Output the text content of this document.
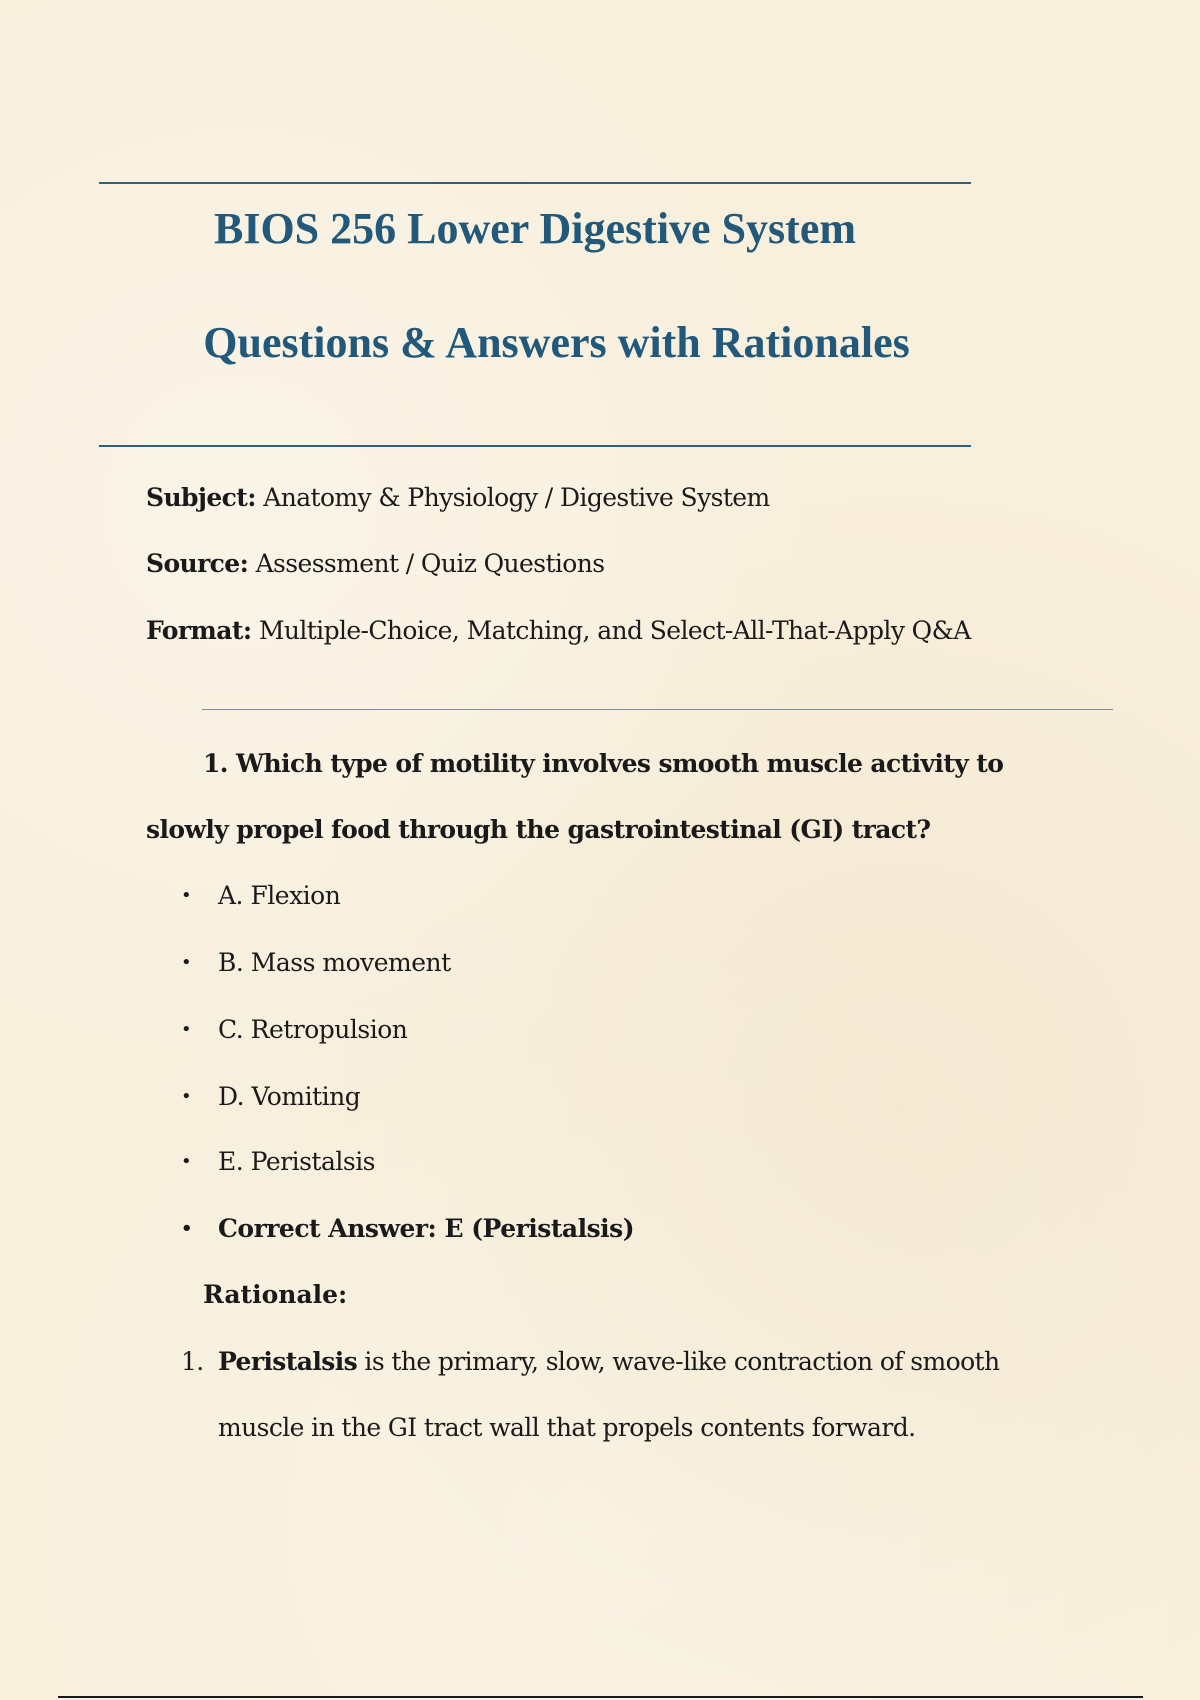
BIOS 256 Lower Digestive System
Questions & Answers with Rationales

Subject: Anatomy & Physiology / Digestive System

Source: Assessment / Quiz Questions

Format: Multiple-Choice, Matching, and Select-All-That-Apply Q&A

1. Which type of motility involves smooth muscle activity to

slowly propel food through the gastrointestinal (GI) tract?

• A. Flexion

• B. Mass movement

• C. Retropulsion

• D. Vomiting

• E. Peristalsis

• Correct Answer: E (Peristalsis)

Rationale:

1. Peristalsis is the primary, slow, wave-like contraction of smooth

muscle in the GI tract wall that propels contents forward.
